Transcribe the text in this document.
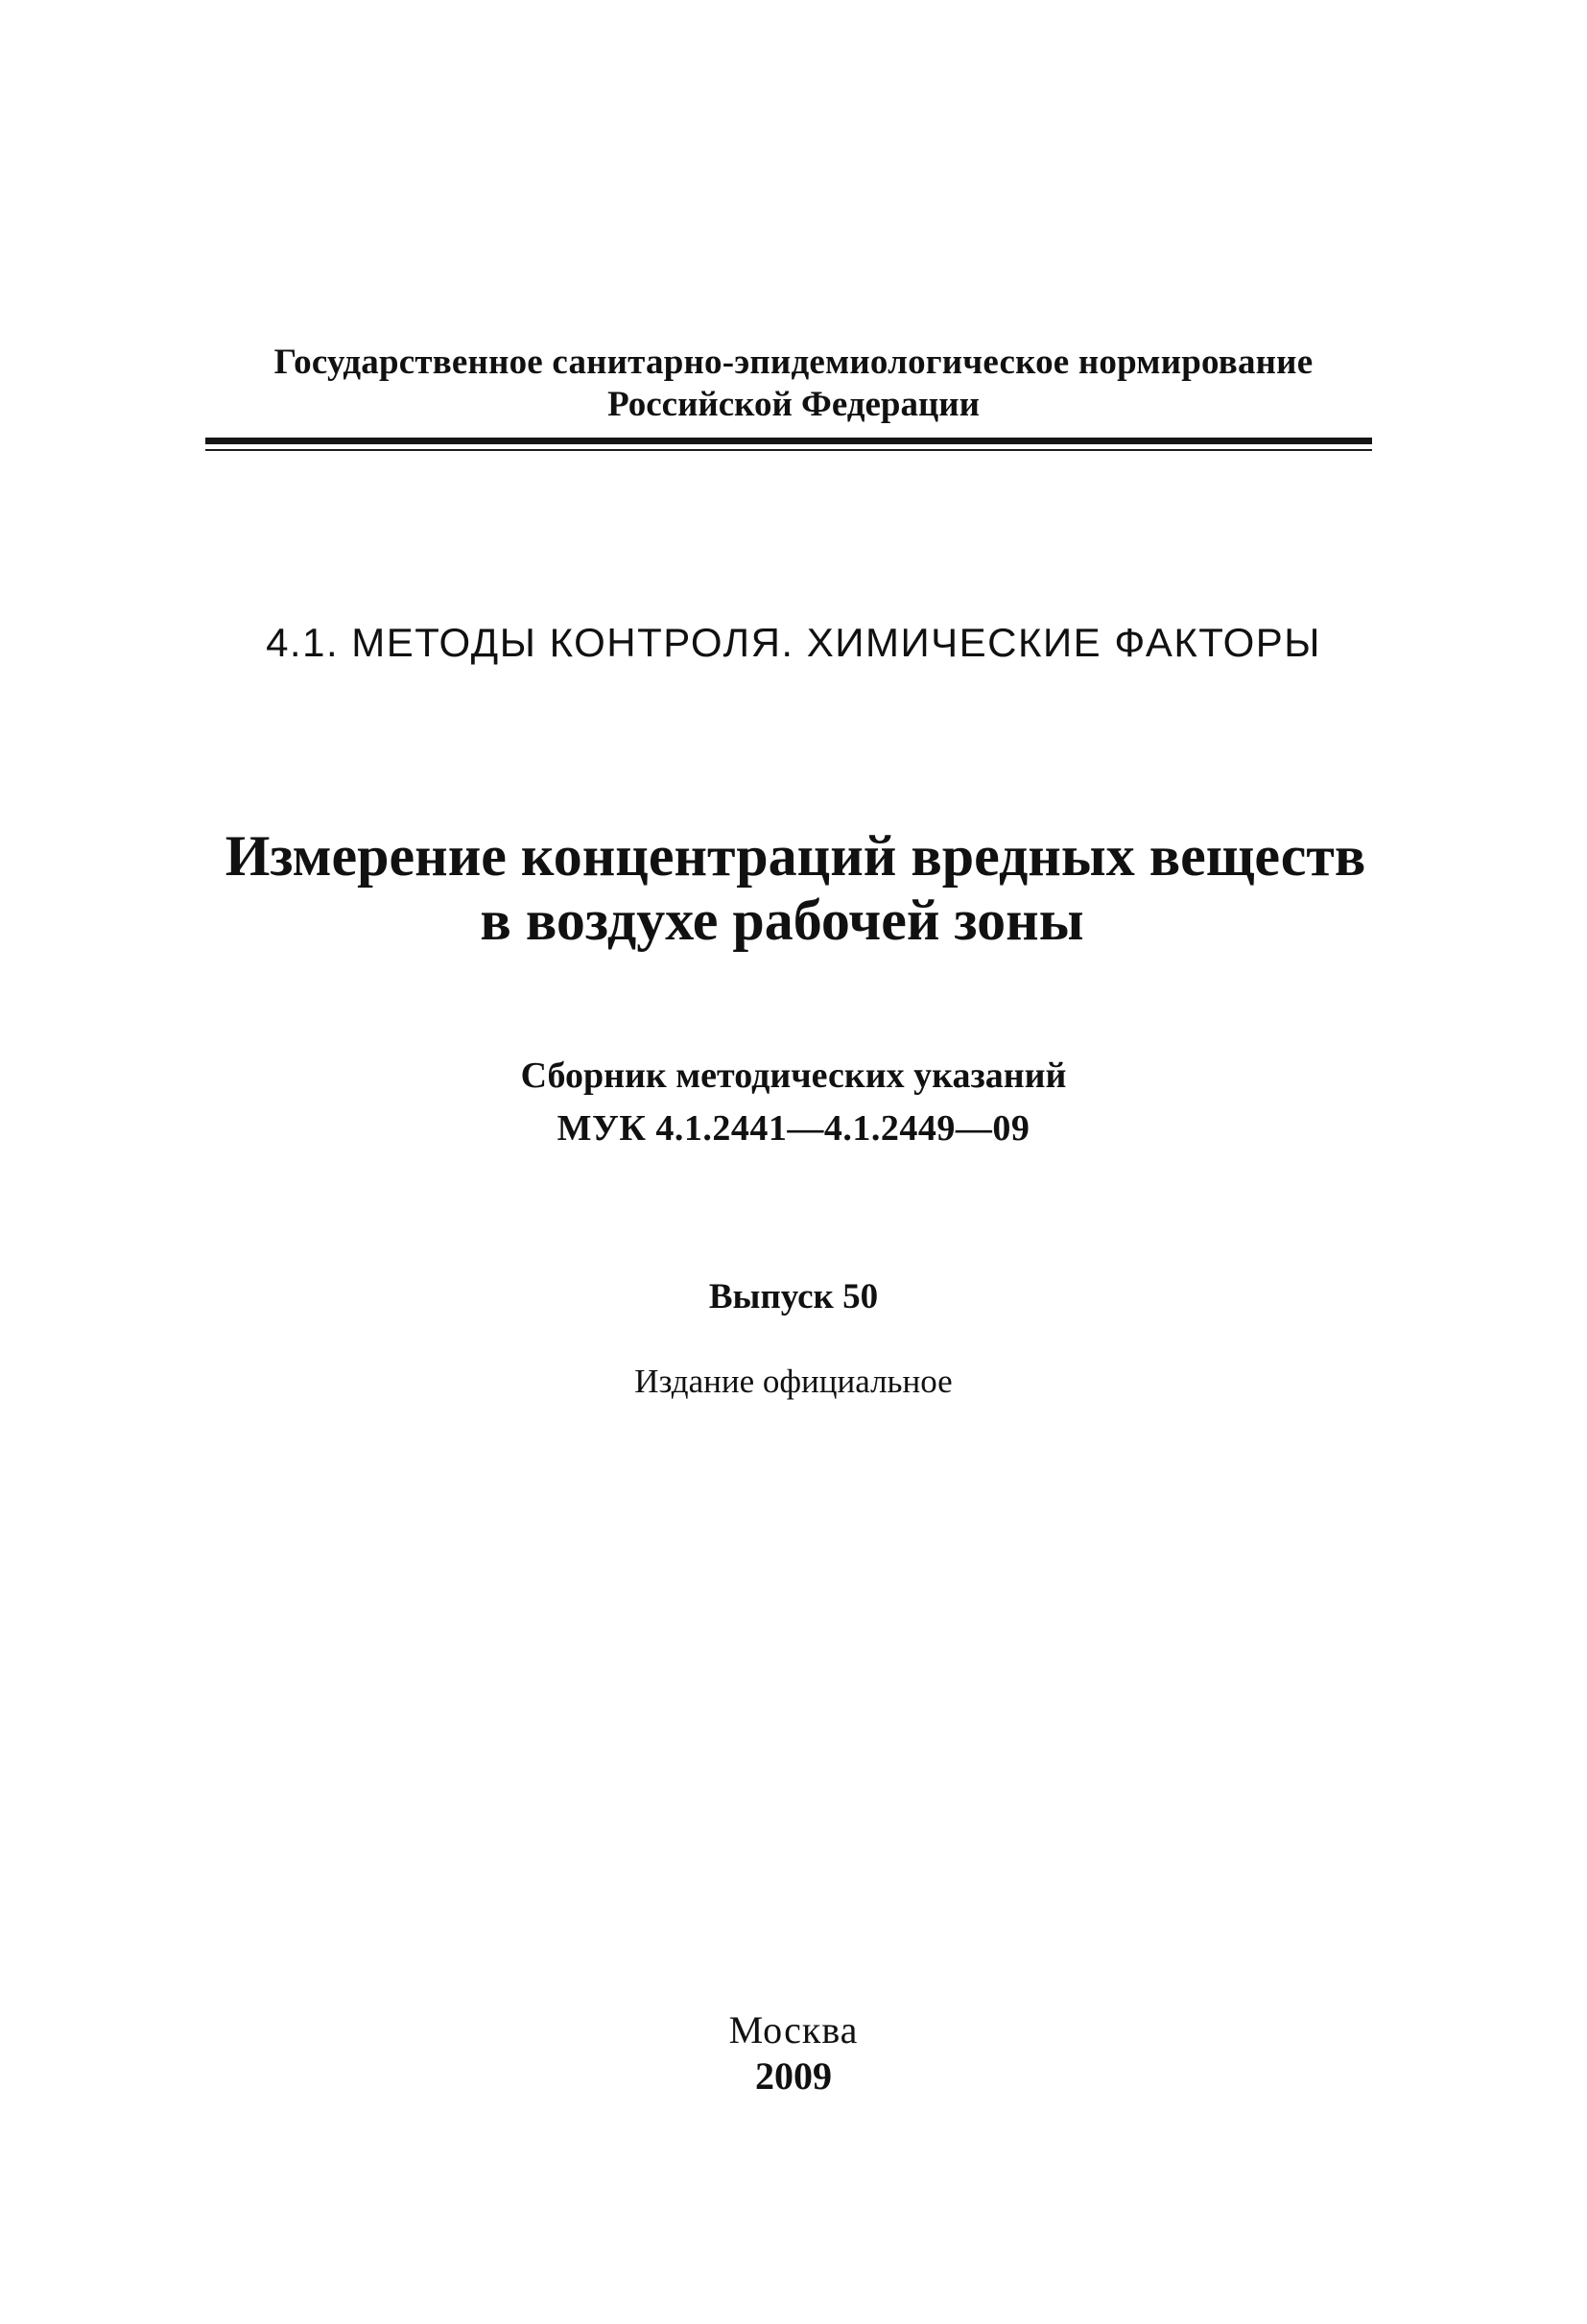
Государственное санитарно-эпидемиологическое нормирование
Российской Федерации
4.1. МЕТОДЫ КОНТРОЛЯ. ХИМИЧЕСКИЕ ФАКТОРЫ
Измерение концентраций вредных веществ
в воздухе рабочей зоны
Сборник методических указаний
МУК 4.1.2441—4.1.2449—09
Выпуск 50
Издание официальное
Москва
2009
